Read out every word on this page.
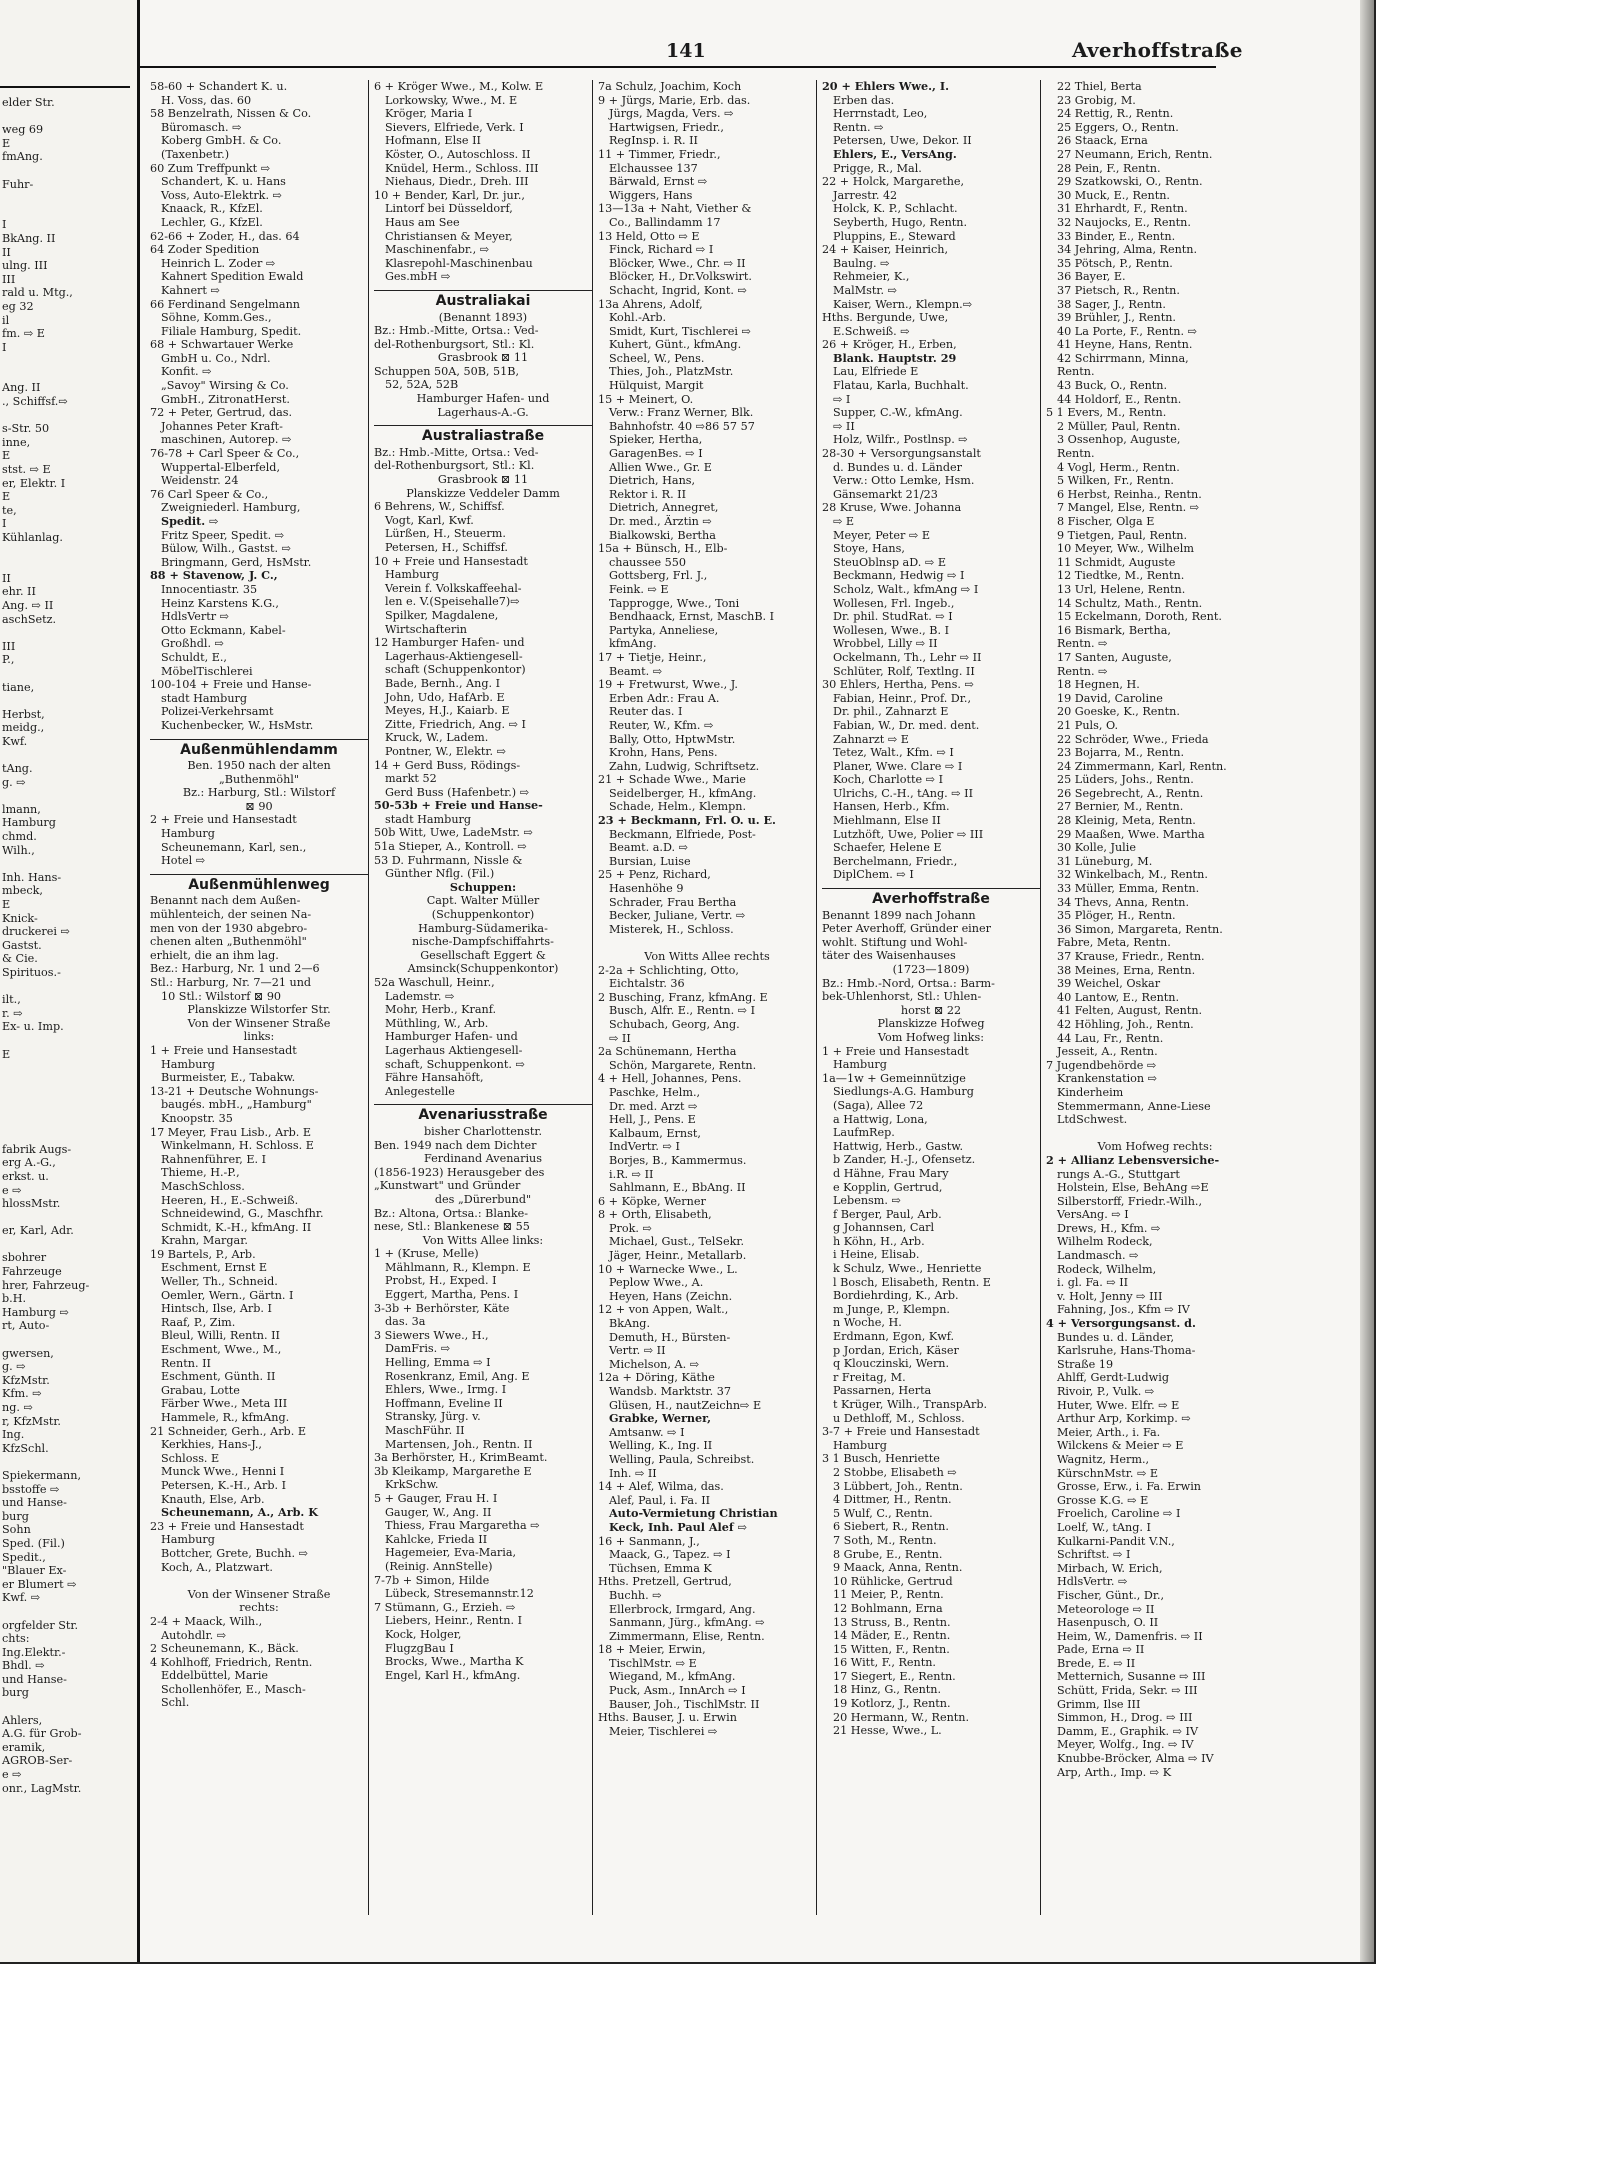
elder Str.

weg 69
E
fmAng.

Fuhr-

I
BkAng. II
II
ulng. III
III
rald u. Mtg.,
eg 32
il
fm. ⇨ E
I

Ang. II
., Schiffsf.⇨

s-Str. 50
inne,
E
stst. ⇨ E
er, Elektr. I
E
te,
I
Kühlanlag.

II
ehr. II
Ang. ⇨ II
aschSetz.

III
P.,

tiane,

Herbst,
meidg.,
Kwf.

tAng.
g. ⇨

lmann,
Hamburg
chmd.
Wilh.,

Inh. Hans-
mbeck,
E
Knick-
druckerei ⇨
Gastst.
& Cie.
Spirituos.-

ilt.,
r. ⇨
Ex- u. Imp.

E

fabrik Augs-
erg A.-G.,
erkst. u.
e ⇨
hlossMstr.

er, Karl, Adr.

sbohrer
Fahrzeuge
hrer, Fahrzeug-
b.H.
Hamburg ⇨
rt, Auto-

gwersen,
g. ⇨
KfzMstr.
Kfm. ⇨
ng. ⇨
r, KfzMstr.
Ing.
KfzSchl.

Spiekermann,
bsstoffe ⇨
und Hanse-
burg
Sohn
Sped. (Fil.)
Spedit.,
"Blauer Ex-
er Blumert ⇨
Kwf. ⇨

orgfelder Str.
chts:
Ing.Elektr.-
Bhdl. ⇨
und Hanse-
burg

Ahlers,
A.G. für Grob-
eramik,
AGROB-Ser-
e ⇨
onr., LagMstr.
141	Averhoffstraße
58-60 + Schandert K. u.
H. Voss, das. 60
58 Benzelrath, Nissen & Co.
Büromasch. ⇨
Koberg GmbH. & Co.
(Taxenbetr.)
60 Zum Treffpunkt ⇨
Schandert, K. u. Hans
Voss, Auto-Elektrk. ⇨
Knaack, R., KfzEl.
Lechler, G., KfzEl.
62-66 + Zoder, H., das. 64
64 Zoder Spedition
Heinrich L. Zoder ⇨
Kahnert Spedition Ewald
Kahnert ⇨
66 Ferdinand Sengelmann
Söhne, Komm.Ges.,
Filiale Hamburg, Spedit.
68 + Schwartauer Werke
GmbH u. Co., Ndrl.
Konfit. ⇨
„Savoy" Wirsing & Co.
GmbH., ZitronatHerst.
72 + Peter, Gertrud, das.
Johannes Peter Kraft-
maschinen, Autorep. ⇨
76-78 + Carl Speer & Co.,
Wuppertal-Elberfeld,
Weidenstr. 24
76 Carl Speer & Co.,
Zweigniederl. Hamburg,
Spedit. ⇨
Fritz Speer, Spedit. ⇨
Bülow, Wilh., Gastst. ⇨
Bringmann, Gerd, HsMstr.
88 + Stavenow, J. C.,
Innocentiastr. 35
Heinz Karstens K.G.,
HdlsVertr ⇨
Otto Eckmann, Kabel-
Großhdl. ⇨
Schuldt, E.,
MöbelTischlerei
100-104 + Freie und Hanse-
stadt Hamburg
Polizei-Verkehrsamt
Kuchenbecker, W., HsMstr.
Außenmühlendamm
Ben. 1950 nach der alten
„Buthenmöhl"
Bz.: Harburg, Stl.: Wilstorf
⊠ 90
2 + Freie und Hansestadt
Hamburg
Scheunemann, Karl, sen.,
Hotel ⇨
Außenmühlenweg
Benannt nach dem Außen-
mühlenteich, der seinen Na-
men von der 1930 abgebro-
chenen alten „Buthenmöhl"
erhielt, die an ihm lag.
Bez.: Harburg, Nr. 1 und 2—6
Stl.: Harburg, Nr. 7—21 und
10 Stl.: Wilstorf ⊠ 90
Planskizze Wilstorfer Str.
Von der Winsener Straße
links:
1 + Freie und Hansestadt
Hamburg
Burmeister, E., Tabakw.
13-21 + Deutsche Wohnungs-
baugés. mbH., „Hamburg"
Knoopstr. 35
17 Meyer, Frau Lisb., Arb. E
Winkelmann, H. Schloss. E
Rahnenführer, E. I
Thieme, H.-P.,
MaschSchloss.
Heeren, H., E.-Schweiß.
Schneidewind, G., Maschfhr.
Schmidt, K.-H., kfmAng. II
Krahn, Margar.
19 Bartels, P., Arb.
Eschment, Ernst E
Weller, Th., Schneid.
Oemler, Wern., Gärtn. I
Hintsch, Ilse, Arb. I
Raaf, P., Zim.
Bleul, Willi, Rentn. II
Eschment, Wwe., M.,
Rentn. II
Eschment, Günth. II
Grabau, Lotte
Färber Wwe., Meta III
Hammele, R., kfmAng.
21 Schneider, Gerh., Arb. E
Kerkhies, Hans-J.,
Schloss. E
Munck Wwe., Henni I
Petersen, K.-H., Arb. I
Knauth, Else, Arb.
Scheunemann, A., Arb. K
23 + Freie und Hansestadt
Hamburg
Bottcher, Grete, Buchh. ⇨
Koch, A., Platzwart.

Von der Winsener Straße
rechts:
2-4 + Maack, Wilh.,
Autohdlr. ⇨
2 Scheunemann, K., Bäck.
4 Kohlhoff, Friedrich, Rentn.
Eddelbüttel, Marie
Schollenhöfer, E., Masch-
Schl.
6 + Kröger Wwe., M., Kolw. E
Lorkowsky, Wwe., M. E
Kröger, Maria I
Sievers, Elfriede, Verk. I
Hofmann, Else II
Köster, O., Autoschloss. II
Knüdel, Herm., Schloss. III
Niehaus, Diedr., Dreh. III
10 + Bender, Karl, Dr. jur.,
Lintorf bei Düsseldorf,
Haus am See
Christiansen & Meyer,
Maschinenfabr., ⇨
Klasrepohl-Maschinenbau
Ges.mbH ⇨
Australiakai
(Benannt 1893)
Bz.: Hmb.-Mitte, Ortsa.: Ved-
del-Rothenburgsort, Stl.: Kl.
Grasbrook ⊠ 11
Schuppen 50A, 50B, 51B,
52, 52A, 52B
Hamburger Hafen- und
Lagerhaus-A.-G.
Australiastraße
Bz.: Hmb.-Mitte, Ortsa.: Ved-
del-Rothenburgsort, Stl.: Kl.
Grasbrook ⊠ 11
Planskizze Veddeler Damm
6 Behrens, W., Schiffsf.
Vogt, Karl, Kwf.
Lürßen, H., Steuerm.
Petersen, H., Schiffsf.
10 + Freie und Hansestadt
Hamburg
Verein f. Volkskaffeehal-
len e. V.(Speisehalle7)⇨
Spilker, Magdalene,
Wirtschafterin
12 Hamburger Hafen- und
Lagerhaus-Aktiengesell-
schaft (Schuppenkontor)
Bade, Bernh., Ang. I
John, Udo, HafArb. E
Meyes, H.J., Kaiarb. E
Zitte, Friedrich, Ang. ⇨ I
Kruck, W., Ladem.
Pontner, W., Elektr. ⇨
14 + Gerd Buss, Rödings-
markt 52
Gerd Buss (Hafenbetr.) ⇨
50-53b + Freie und Hanse-
stadt Hamburg
50b Witt, Uwe, LadeMstr. ⇨
51a Stieper, A., Kontroll. ⇨
53 D. Fuhrmann, Nissle &
Günther Nflg. (Fil.)
Schuppen:
Capt. Walter Müller
(Schuppenkontor)
Hamburg-Südamerika-
nische-Dampfschiffahrts-
Gesellschaft Eggert &
Amsinck(Schuppenkontor)
52a Waschull, Heinr.,
Lademstr. ⇨
Mohr, Herb., Kranf.
Müthling, W., Arb.
Hamburger Hafen- und
Lagerhaus Aktiengesell-
schaft, Schuppenkont. ⇨
Fähre Hansahöft,
Anlegestelle
Avenariusstraße
bisher Charlottenstr.
Ben. 1949 nach dem Dichter
Ferdinand Avenarius
(1856-1923) Herausgeber des
„Kunstwart" und Gründer
des „Dürerbund"
Bz.: Altona, Ortsa.: Blanke-
nese, Stl.: Blankenese ⊠ 55
Von Witts Allee links:
1 + (Kruse, Melle)
Mählmann, R., Klempn. E
Probst, H., Exped. I
Eggert, Martha, Pens. I
3-3b + Berhörster, Käte
das. 3a
3 Siewers Wwe., H.,
DamFris. ⇨
Helling, Emma ⇨ I
Rosenkranz, Emil, Ang. E
Ehlers, Wwe., Irmg. I
Hoffmann, Eveline II
Stransky, Jürg. v.
MaschFühr. II
Martensen, Joh., Rentn. II
3a Berhörster, H., KrimBeamt.
3b Kleikamp, Margarethe E
KrkSchw.
5 + Gauger, Frau H. I
Gauger, W., Ang. II
Thiess, Frau Margaretha ⇨
Kahlcke, Frieda II
Hagemeier, Eva-Maria,
(Reinig. AnnStelle)
7-7b + Simon, Hilde
Lübeck, Stresemannstr.12
7 Stümann, G., Erzieh. ⇨
Liebers, Heinr., Rentn. I
Kock, Holger,
FlugzgBau I
Brocks, Wwe., Martha K
Engel, Karl H., kfmAng.
7a Schulz, Joachim, Koch
9 + Jürgs, Marie, Erb. das.
Jürgs, Magda, Vers. ⇨
Hartwigsen, Friedr.,
RegInsp. i. R. II
11 + Timmer, Friedr.,
Elchaussee 137
Bärwald, Ernst ⇨
Wiggers, Hans
13—13a + Naht, Viether &
Co., Ballindamm 17
13 Held, Otto ⇨ E
Finck, Richard ⇨ I
Blöcker, Wwe., Chr. ⇨ II
Blöcker, H., Dr.Volkswirt.
Schacht, Ingrid, Kont. ⇨
13a Ahrens, Adolf,
Kohl.-Arb.
Smidt, Kurt, Tischlerei ⇨
Kuhert, Günt., kfmAng.
Scheel, W., Pens.
Thies, Joh., PlatzMstr.
Hülquist, Margit
15 + Meinert, O.
Verw.: Franz Werner, Blk.
Bahnhofstr. 40 ⇨86 57 57
Spieker, Hertha,
GaragenBes. ⇨ I
Allien Wwe., Gr. E
Dietrich, Hans,
Rektor i. R. II
Dietrich, Annegret,
Dr. med., Ärztin ⇨
Bialkowski, Bertha
15a + Bünsch, H., Elb-
chaussee 550
Gottsberg, Frl. J.,
Feink. ⇨ E
Tapprogge, Wwe., Toni
Bendhaack, Ernst, MaschB. I
Partyka, Anneliese,
kfmAng.
17 + Tietje, Heinr.,
Beamt. ⇨
19 + Fretwurst, Wwe., J.
Erben Adr.: Frau A.
Reuter das. I
Reuter, W., Kfm. ⇨
Bally, Otto, HptwMstr.
Krohn, Hans, Pens.
Zahn, Ludwig, Schriftsetz.
21 + Schade Wwe., Marie
Seidelberger, H., kfmAng.
Schade, Helm., Klempn.
23 + Beckmann, Frl. O. u. E.
Beckmann, Elfriede, Post-
Beamt. a.D. ⇨
Bursian, Luise
25 + Penz, Richard,
Hasenhöhe 9
Schrader, Frau Bertha
Becker, Juliane, Vertr. ⇨
Misterek, H., Schloss.

Von Witts Allee rechts
2-2a + Schlichting, Otto,
Eichtalstr. 36
2 Busching, Franz, kfmAng. E
Busch, Alfr. E., Rentn. ⇨ I
Schubach, Georg, Ang.
⇨ II
2a Schünemann, Hertha
Schön, Margarete, Rentn.
4 + Hell, Johannes, Pens.
Paschke, Helm.,
Dr. med. Arzt ⇨
Hell, J., Pens. E
Kalbaum, Ernst,
IndVertr. ⇨ I
Borjes, B., Kammermus.
i.R. ⇨ II
Sahlmann, E., BbAng. II
6 + Köpke, Werner
8 + Orth, Elisabeth,
Prok. ⇨
Michael, Gust., TelSekr.
Jäger, Heinr., Metallarb.
10 + Warnecke Wwe., L.
Peplow Wwe., A.
Heyen, Hans (Zeichn.
12 + von Appen, Walt.,
BkAng.
Demuth, H., Bürsten-
Vertr. ⇨ II
Michelson, A. ⇨
12a + Döring, Käthe
Wandsb. Marktstr. 37
Glüsen, H., nautZeichn⇨ E
Grabke, Werner,
Amtsanw. ⇨ I
Welling, K., Ing. II
Welling, Paula, Schreibst.
Inh. ⇨ II
14 + Alef, Wilma, das.
Alef, Paul, i. Fa. II
Auto-Vermietung Christian
Keck, Inh. Paul Alef ⇨
16 + Sanmann, J.,
Maack, G., Tapez. ⇨ I
Tüchsen, Emma K
Hths. Pretzell, Gertrud,
Buchh. ⇨
Ellerbrock, Irmgard, Ang.
Sanmann, Jürg., kfmAng. ⇨
Zimmermann, Elise, Rentn.
18 + Meier, Erwin,
TischlMstr. ⇨ E
Wiegand, M., kfmAng.
Puck, Asm., InnArch ⇨ I
Bauser, Joh., TischlMstr. II
Hths. Bauser, J. u. Erwin
Meier, Tischlerei ⇨
20 + Ehlers Wwe., I.
Erben das.
Herrnstadt, Leo,
Rentn. ⇨
Petersen, Uwe, Dekor. II
Ehlers, E., VersAng.
Prigge, R., Mal.
22 + Holck, Margarethe,
Jarrestr. 42
Holck, K. P., Schlacht.
Seyberth, Hugo, Rentn.
Pluppins, E., Steward
24 + Kaiser, Heinrich,
Baulng. ⇨
Rehmeier, K.,
MalMstr. ⇨
Kaiser, Wern., Klempn.⇨
Hths. Bergunde, Uwe,
E.Schweiß. ⇨
26 + Kröger, H., Erben,
Blank. Hauptstr. 29
Lau, Elfriede E
Flatau, Karla, Buchhalt.
⇨ I
Supper, C.-W., kfmAng.
⇨ II
Holz, Wilfr., Postlnsp. ⇨
28-30 + Versorgungsanstalt
d. Bundes u. d. Länder
Verw.: Otto Lemke, Hsm.
Gänsemarkt 21/23
28 Kruse, Wwe. Johanna
⇨ E
Meyer, Peter ⇨ E
Stoye, Hans,
SteuOblnsp aD. ⇨ E
Beckmann, Hedwig ⇨ I
Scholz, Walt., kfmAng ⇨ I
Wollesen, Frl. Ingeb.,
Dr. phil. StudRat. ⇨ I
Wollesen, Wwe., B. I
Wrobbel, Lilly ⇨ II
Ockelmann, Th., Lehr ⇨ II
Schlüter, Rolf, Textlng. II
30 Ehlers, Hertha, Pens. ⇨
Fabian, Heinr., Prof. Dr.,
Dr. phil., Zahnarzt E
Fabian, W., Dr. med. dent.
Zahnarzt ⇨ E
Tetez, Walt., Kfm. ⇨ I
Planer, Wwe. Clare ⇨ I
Koch, Charlotte ⇨ I
Ulrichs, C.-H., tAng. ⇨ II
Hansen, Herb., Kfm.
Miehlmann, Else II
Lutzhöft, Uwe, Polier ⇨ III
Schaefer, Helene E
Berchelmann, Friedr.,
DiplChem. ⇨ I
Averhoffstraße
Benannt 1899 nach Johann
Peter Averhoff, Gründer einer
wohlt. Stiftung und Wohl-
täter des Waisenhauses
(1723—1809)
Bz.: Hmb.-Nord, Ortsa.: Barm-
bek-Uhlenhorst, Stl.: Uhlen-
horst ⊠ 22
Planskizze Hofweg
Vom Hofweg links:
1 + Freie und Hansestadt
Hamburg
1a—1w + Gemeinnützige
Siedlungs-A.G. Hamburg
(Saga), Allee 72
a Hattwig, Lona,
LaufmRep.
Hattwig, Herb., Gastw.
b Zander, H.-J., Ofensetz.
d Hähne, Frau Mary
e Kopplin, Gertrud,
Lebensm. ⇨
f Berger, Paul, Arb.
g Johannsen, Carl
h Köhn, H., Arb.
i Heine, Elisab.
k Schulz, Wwe., Henriette
l Bosch, Elisabeth, Rentn. E
Bordiehrding, K., Arb.
m Junge, P., Klempn.
n Woche, H.
Erdmann, Egon, Kwf.
p Jordan, Erich, Käser
q Klouczinski, Wern.
r Freitag, M.
Passarnen, Herta
t Krüger, Wilh., TranspArb.
u Dethloff, M., Schloss.
3-7 + Freie und Hansestadt
Hamburg
3 1 Busch, Henriette
2 Stobbe, Elisabeth ⇨
3 Lübbert, Joh., Rentn.
4 Dittmer, H., Rentn.
5 Wulf, C., Rentn.
6 Siebert, R., Rentn.
7 Soth, M., Rentn.
8 Grube, E., Rentn.
9 Maack, Anna, Rentn.
10 Rühlicke, Gertrud
11 Meier, P., Rentn.
12 Bohlmann, Erna
13 Struss, B., Rentn.
14 Mäder, E., Rentn.
15 Witten, F., Rentn.
16 Witt, F., Rentn.
17 Siegert, E., Rentn.
18 Hinz, G., Rentn.
19 Kotlorz, J., Rentn.
20 Hermann, W., Rentn.
21 Hesse, Wwe., L.
22 Thiel, Berta
23 Grobig, M.
24 Rettig, R., Rentn.
25 Eggers, O., Rentn.
26 Staack, Erna
27 Neumann, Erich, Rentn.
28 Pein, F., Rentn.
29 Szatkowski, O., Rentn.
30 Muck, E., Rentn.
31 Ehrhardt, F., Rentn.
32 Naujocks, E., Rentn.
33 Binder, E., Rentn.
34 Jehring, Alma, Rentn.
35 Pötsch, P., Rentn.
36 Bayer, E.
37 Pietsch, R., Rentn.
38 Sager, J., Rentn.
39 Brühler, J., Rentn.
40 La Porte, F., Rentn. ⇨
41 Heyne, Hans, Rentn.
42 Schirrmann, Minna,
Rentn.
43 Buck, O., Rentn.
44 Holdorf, E., Rentn.
5 1 Evers, M., Rentn.
2 Müller, Paul, Rentn.
3 Ossenhop, Auguste,
Rentn.
4 Vogl, Herm., Rentn.
5 Wilken, Fr., Rentn.
6 Herbst, Reinha., Rentn.
7 Mangel, Else, Rentn. ⇨
8 Fischer, Olga E
9 Tietgen, Paul, Rentn.
10 Meyer, Ww., Wilhelm
11 Schmidt, Auguste
12 Tiedtke, M., Rentn.
13 Url, Helene, Rentn.
14 Schultz, Math., Rentn.
15 Eckelmann, Doroth, Rent.
16 Bismark, Bertha,
Rentn. ⇨
17 Santen, Auguste,
Rentn. ⇨
18 Hegnen, H.
19 David, Caroline
20 Goeske, K., Rentn.
21 Puls, O.
22 Schröder, Wwe., Frieda
23 Bojarra, M., Rentn.
24 Zimmermann, Karl, Rentn.
25 Lüders, Johs., Rentn.
26 Segebrecht, A., Rentn.
27 Bernier, M., Rentn.
28 Kleinig, Meta, Rentn.
29 Maaßen, Wwe. Martha
30 Kolle, Julie
31 Lüneburg, M.
32 Winkelbach, M., Rentn.
33 Müller, Emma, Rentn.
34 Thevs, Anna, Rentn.
35 Plöger, H., Rentn.
36 Simon, Margareta, Rentn.
Fabre, Meta, Rentn.
37 Krause, Friedr., Rentn.
38 Meines, Erna, Rentn.
39 Weichel, Oskar
40 Lantow, E., Rentn.
41 Felten, August, Rentn.
42 Höhling, Joh., Rentn.
44 Lau, Fr., Rentn.
Jesseit, A., Rentn.
7 Jugendbehörde ⇨
Krankenstation ⇨
Kinderheim
Stemmermann, Anne-Liese
LtdSchwest.

Vom Hofweg rechts:
2 + Allianz Lebensversiche-
rungs A.-G., Stuttgart
Holstein, Else, BehAng ⇨E
Silberstorff, Friedr.-Wilh.,
VersAng. ⇨ I
Drews, H., Kfm. ⇨
Wilhelm Rodeck,
Landmasch. ⇨
Rodeck, Wilhelm,
i. gl. Fa. ⇨ II
v. Holt, Jenny ⇨ III
Fahning, Jos., Kfm ⇨ IV
4 + Versorgungsanst. d.
Bundes u. d. Länder,
Karlsruhe, Hans-Thoma-
Straße 19
Ahlff, Gerdt-Ludwig
Rivoir, P., Vulk. ⇨
Huter, Wwe. Elfr. ⇨ E
Arthur Arp, Korkimp. ⇨
Meier, Arth., i. Fa.
Wilckens & Meier ⇨ E
Wagnitz, Herm.,
KürschnMstr. ⇨ E
Grosse, Erw., i. Fa. Erwin
Grosse K.G. ⇨ E
Froelich, Caroline ⇨ I
Loelf, W., tAng. I
Kulkarni-Pandit V.N.,
Schriftst. ⇨ I
Mirbach, W. Erich,
HdlsVertr. ⇨
Fischer, Günt., Dr.,
Meteorologe ⇨ II
Hasenpusch, O. II
Heim, W., Damenfris. ⇨ II
Pade, Erna ⇨ II
Brede, E. ⇨ II
Metternich, Susanne ⇨ III
Schütt, Frida, Sekr. ⇨ III
Grimm, Ilse III
Simmon, H., Drog. ⇨ III
Damm, E., Graphik. ⇨ IV
Meyer, Wolfg., Ing. ⇨ IV
Knubbe-Bröcker, Alma ⇨ IV
Arp, Arth., Imp. ⇨ K
